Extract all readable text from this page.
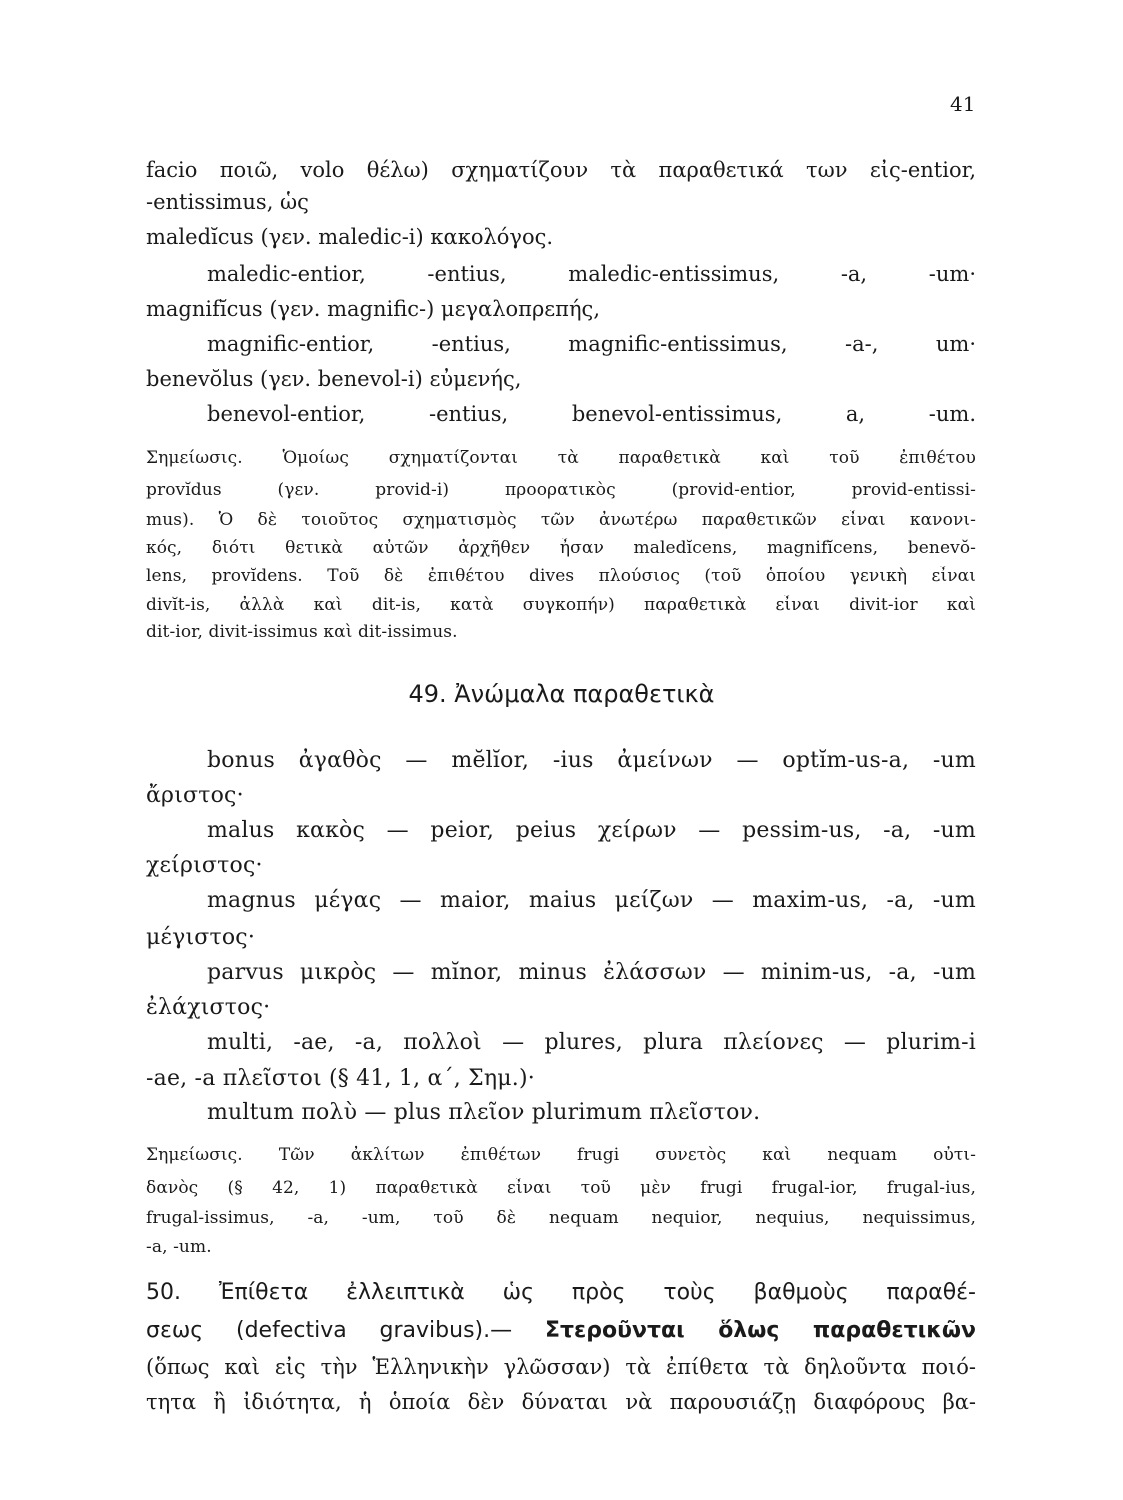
41

facio ποιῶ, volo θέλω) σχηματίζουν τὰ παραθετικά των εἰς-entior,

-entissimus, ὡς

maledĭcus (γεν. maledic-i) κακολόγος.

maledic-entior, -entius, maledic-entissimus, -a, -um·

magnifĭcus (γεν. magnific-) μεγαλοπρεπής,

magnific-entior, -entius, magnific-entissimus, -a-, um·

benevŏlus (γεν. benevol-i) εὐμενής,

benevol-entior, -entius, benevol-entissimus, a, -um.

Σημείωσις. Ὁμοίως σχηματίζονται τὰ παραθετικὰ καὶ τοῦ ἐπιθέτου

provĭdus (γεν. provid-i) προορατικὸς (provid-entior, provid-entissi-

mus). Ὁ δὲ τοιοῦτος σχηματισμὸς τῶν ἀνωτέρω παραθετικῶν εἶναι κανονι-

κός, διότι θετικὰ αὐτῶν ἀρχῆθεν ἦσαν maledĭcens, magnifĭcens, benevŏ-

lens, provĭdens. Τοῦ δὲ ἐπιθέτου dives πλούσιος (τοῦ ὁποίου γενικὴ εἶναι

divĭt-is, ἀλλὰ καὶ dit-is, κατὰ συγκοπήν) παραθετικὰ εἶναι divit-ior καὶ

dit-ior, divit-issimus καὶ dit-issimus.

49. Ἀνώμαλα παραθετικὰ

bonus ἀγαθὸς — mĕlĭor, -ius ἀμείνων — optĭm-us-a, -um

ἄριστος·

malus κακὸς — peior, peius χείρων — pessim-us, -a, -um

χείριστος·

magnus μέγας — maior, maius μείζων — maxim-us, -a, -um

μέγιστος·

parvus μικρὸς — mĭnor, minus ἐλάσσων — minim-us, -a, -um

ἐλάχιστος·

multi, -ae, -a, πολλοὶ — plures, plura πλείονες — plurim-i

-ae, -a πλεῖστοι (§ 41, 1, α΄, Σημ.)·

multum πολὺ — plus πλεῖον plurimum πλεῖστον.

Σημείωσις. Τῶν ἀκλίτων ἐπιθέτων frugi συνετὸς καὶ nequam οὐτι-

δανὸς (§ 42, 1) παραθετικὰ εἶναι τοῦ μὲν frugi frugal-ior, frugal-ius,

frugal-issimus, -a, -um, τοῦ δὲ nequam nequior, nequius, nequissimus,

-a, -um.

50. Ἐπίθετα ἐλλειπτικὰ ὡς πρὸς τοὺς βαθμοὺς παραθέ-

σεως (defectiva gravibus).— Στεροῦνται ὅλως παραθετικῶν

(ὅπως καὶ εἰς τὴν Ἑλληνικὴν γλῶσσαν) τὰ ἐπίθετα τὰ δηλοῦντα ποιό-

τητα ἢ ἰδιότητα, ἡ ὁποία δὲν δύναται νὰ παρουσιάζῃ διαφόρους βα-
